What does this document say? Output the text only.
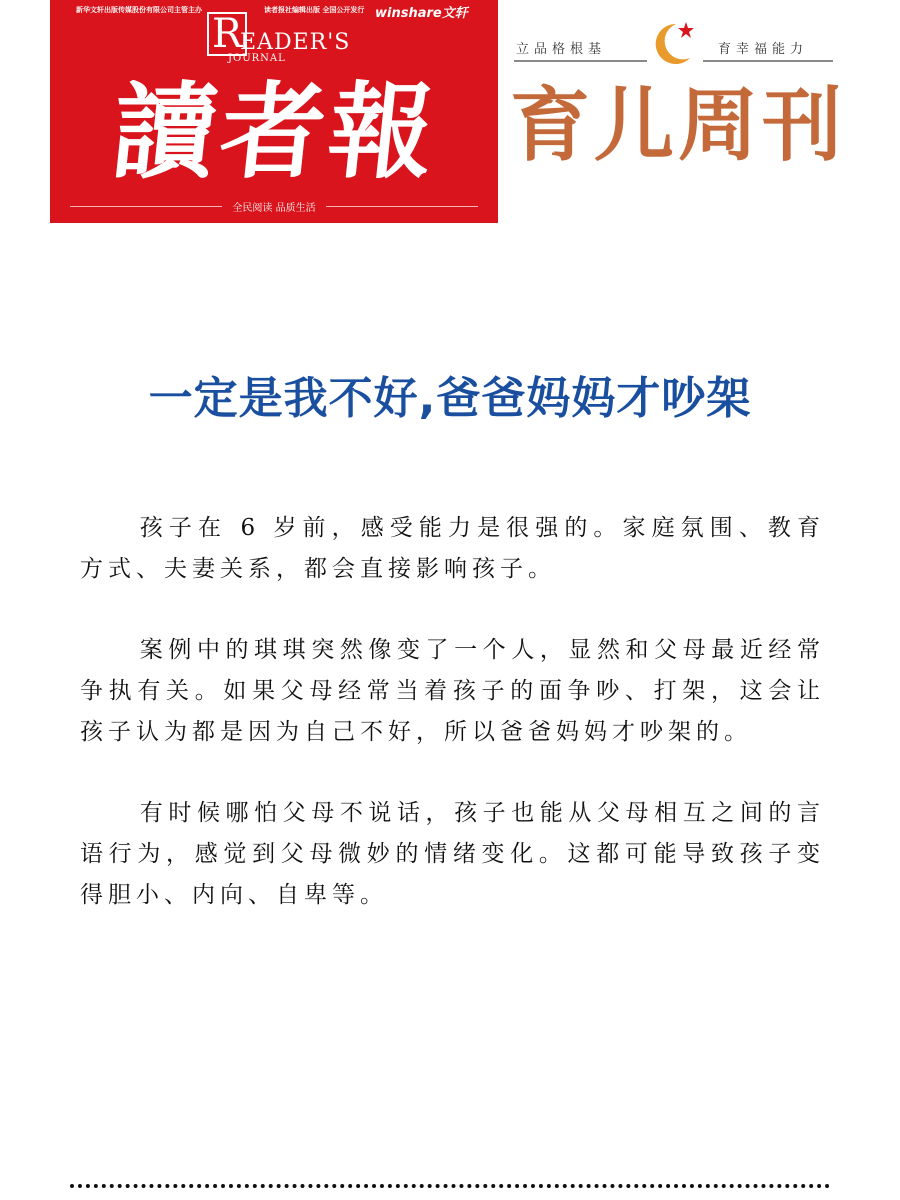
新华文轩出版传媒股份有限公司主管主办	读者报社编辑出版 全国公开发行 winshare文轩
R
EADER'S
JOURNAL
讀者報
全民阅读 品质生活
立品格根基	育幸福能力
育儿周刊
一定是我不好,爸爸妈妈才吵架

孩子在 6 岁前，感受能力是很强的。家庭氛围、教育方式、夫妻关系，都会直接影响孩子。

案例中的琪琪突然像变了一个人，显然和父母最近经常争执有关。如果父母经常当着孩子的面争吵、打架，这会让孩子认为都是因为自己不好，所以爸爸妈妈才吵架的。

有时候哪怕父母不说话，孩子也能从父母相互之间的言语行为，感觉到父母微妙的情绪变化。这都可能导致孩子变得胆小、内向、自卑等。
